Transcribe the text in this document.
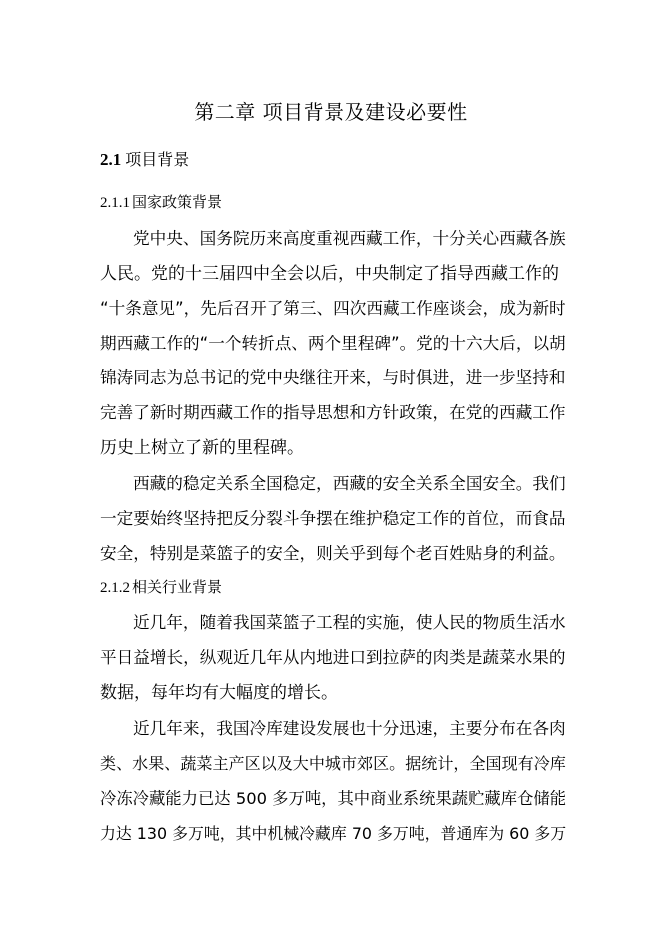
第二章 项目背景及建设必要性
2.1 项目背景
2.1.1 国家政策背景
党中央、国务院历来高度重视西藏工作，十分关心西藏各族
人民。党的十三届四中全会以后，中央制定了指导西藏工作的
“十条意见”，先后召开了第三、四次西藏工作座谈会，成为新时
期西藏工作的“一个转折点、两个里程碑”。党的十六大后，以胡
锦涛同志为总书记的党中央继往开来，与时俱进，进一步坚持和
完善了新时期西藏工作的指导思想和方针政策，在党的西藏工作
历史上树立了新的里程碑。
西藏的稳定关系全国稳定，西藏的安全关系全国安全。我们
一定要始终坚持把反分裂斗争摆在维护稳定工作的首位，而食品
安全，特别是菜篮子的安全，则关乎到每个老百姓贴身的利益。
2.1.2 相关行业背景
近几年，随着我国菜篮子工程的实施，使人民的物质生活水
平日益增长，纵观近几年从内地进口到拉萨的肉类是蔬菜水果的
数据，每年均有大幅度的增长。
近几年来，我国冷库建设发展也十分迅速，主要分布在各肉
类、水果、蔬菜主产区以及大中城市郊区。据统计，全国现有冷库
冷冻冷藏能力已达 500 多万吨，其中商业系统果蔬贮藏库仓储能
力达 130 多万吨，其中机械冷藏库 70 多万吨，普通库为 60 多万
